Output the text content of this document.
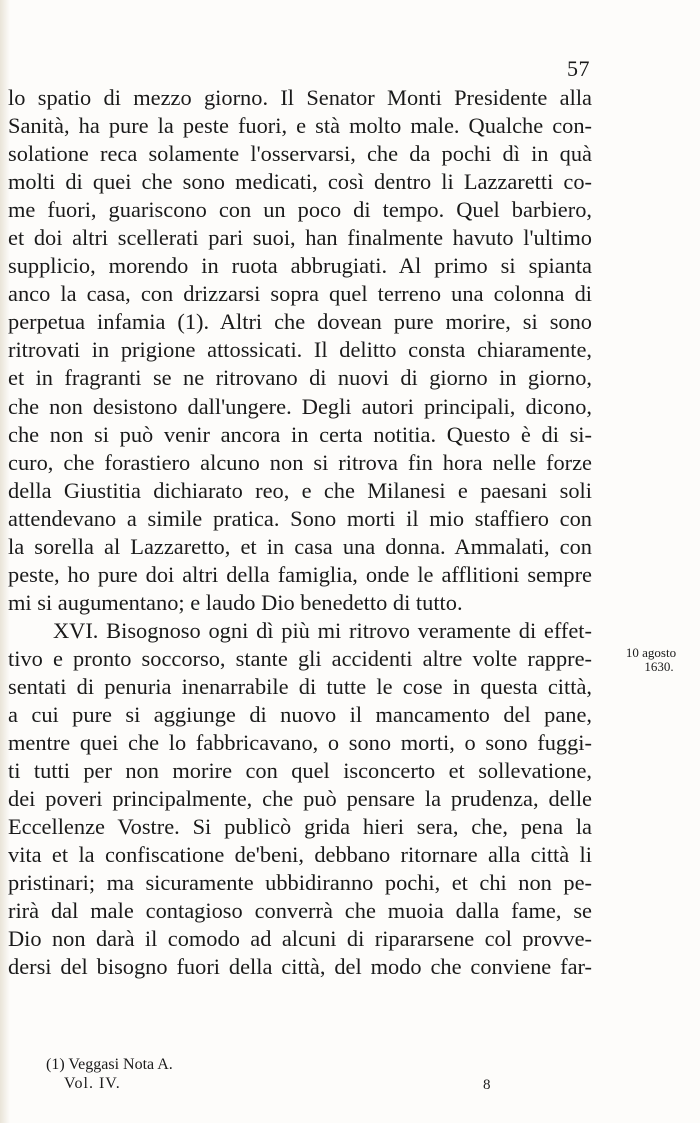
57
lo spatio di mezzo giorno. Il Senator Monti Presidente alla
Sanità, ha pure la peste fuori, e stà molto male. Qualche con-
solatione reca solamente l'osservarsi, che da pochi dì in quà
molti di quei che sono medicati, così dentro li Lazzaretti co-
me fuori, guariscono con un poco di tempo. Quel barbiero,
et doi altri scellerati pari suoi, han finalmente havuto l'ultimo
supplicio, morendo in ruota abbrugiati. Al primo si spianta
anco la casa, con drizzarsi sopra quel terreno una colonna di
perpetua infamia (1). Altri che dovean pure morire, si sono
ritrovati in prigione attossicati. Il delitto consta chiaramente,
et in fragranti se ne ritrovano di nuovi di giorno in giorno,
che non desistono dall'ungere. Degli autori principali, dicono,
che non si può venir ancora in certa notitia. Questo è di si-
curo, che forastiero alcuno non si ritrova fin hora nelle forze
della Giustitia dichiarato reo, e che Milanesi e paesani soli
attendevano a simile pratica. Sono morti il mio staffiero con
la sorella al Lazzaretto, et in casa una donna. Ammalati, con
peste, ho pure doi altri della famiglia, onde le afflitioni sempre
mi si augumentano; e laudo Dio benedetto di tutto.
XVI. Bisognoso ogni dì più mi ritrovo veramente di effet-
tivo e pronto soccorso, stante gli accidenti altre volte rappre-
sentati di penuria inenarrabile di tutte le cose in questa città,
a cui pure si aggiunge di nuovo il mancamento del pane,
mentre quei che lo fabbricavano, o sono morti, o sono fuggi-
ti tutti per non morire con quel isconcerto et sollevatione,
dei poveri principalmente, che può pensare la prudenza, delle
Eccellenze Vostre. Si publicò grida hieri sera, che, pena la
vita et la confiscatione de'beni, debbano ritornare alla città li
pristinari; ma sicuramente ubbidiranno pochi, et chi non pe-
rirà dal male contagioso converrà che muoia dalla fame, se
Dio non darà il comodo ad alcuni di ripararsene col provve-
dersi del bisogno fuori della città, del modo che conviene far-
10 agosto
1630.
(1) Veggasi Nota A.
Vol. IV.	8
